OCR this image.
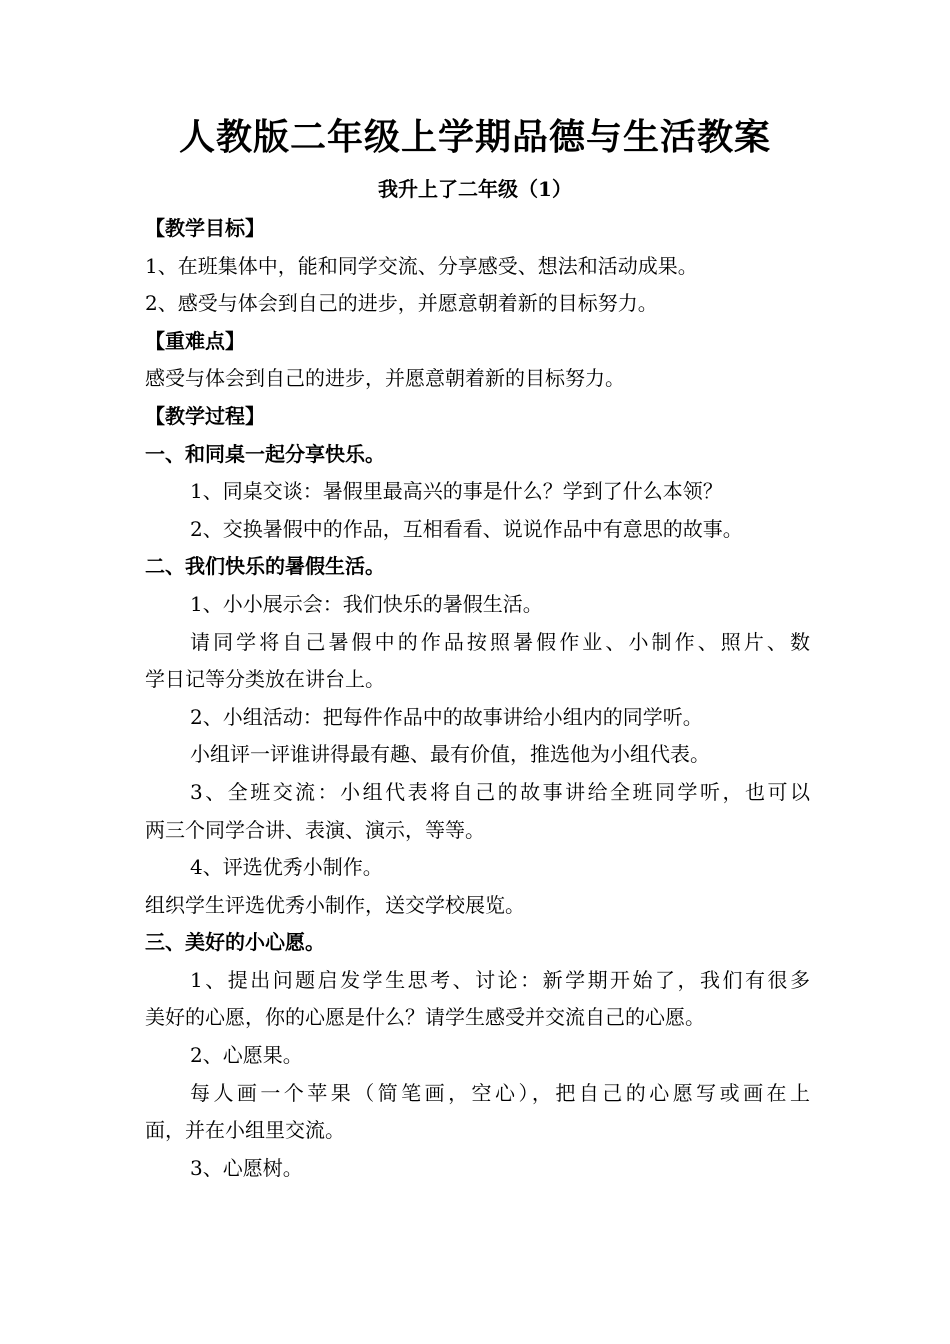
人教版二年级上学期品德与生活教案
我升上了二年级（1）
【教学目标】
1、在班集体中，能和同学交流、分享感受、想法和活动成果。
2、感受与体会到自己的进步，并愿意朝着新的目标努力。
【重难点】
感受与体会到自己的进步，并愿意朝着新的目标努力。
【教学过程】
一、和同桌一起分享快乐。
1、同桌交谈：暑假里最高兴的事是什么？学到了什么本领？
2、交换暑假中的作品，互相看看、说说作品中有意思的故事。
二、我们快乐的暑假生活。
1、小小展示会：我们快乐的暑假生活。
请同学将自己暑假中的作品按照暑假作业、小制作、照片、数
学日记等分类放在讲台上。
2、小组活动：把每件作品中的故事讲给小组内的同学听。
小组评一评谁讲得最有趣、最有价值，推选他为小组代表。
3、全班交流：小组代表将自己的故事讲给全班同学听，也可以
两三个同学合讲、表演、演示，等等。
4、评选优秀小制作。
组织学生评选优秀小制作，送交学校展览。
三、美好的小心愿。
1、提出问题启发学生思考、讨论：新学期开始了，我们有很多
美好的心愿，你的心愿是什么？请学生感受并交流自己的心愿。
2、心愿果。
每人画一个苹果（简笔画，空心），把自己的心愿写或画在上
面，并在小组里交流。
3、心愿树。
